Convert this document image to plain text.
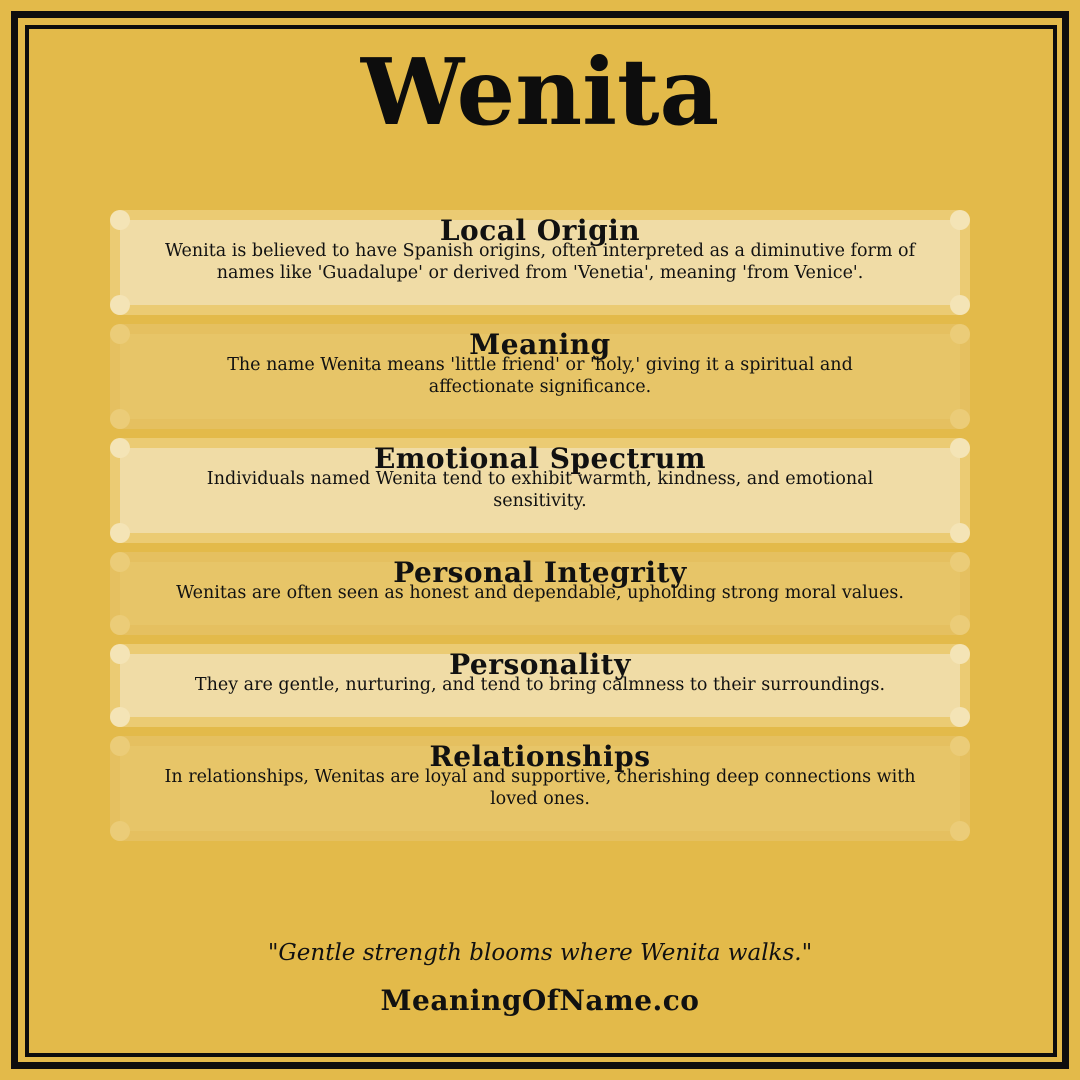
Wenita
Local Origin
Wenita is believed to have Spanish origins, often interpreted as a diminutive form of names like 'Guadalupe' or derived from 'Venetia', meaning 'from Venice'.
Meaning
The name Wenita means 'little friend' or 'holy,' giving it a spiritual and affectionate significance.
Emotional Spectrum
Individuals named Wenita tend to exhibit warmth, kindness, and emotional sensitivity.
Personal Integrity
Wenitas are often seen as honest and dependable, upholding strong moral values.
Personality
They are gentle, nurturing, and tend to bring calmness to their surroundings.
Relationships
In relationships, Wenitas are loyal and supportive, cherishing deep connections with loved ones.
"Gentle strength blooms where Wenita walks."
MeaningOfName.co
